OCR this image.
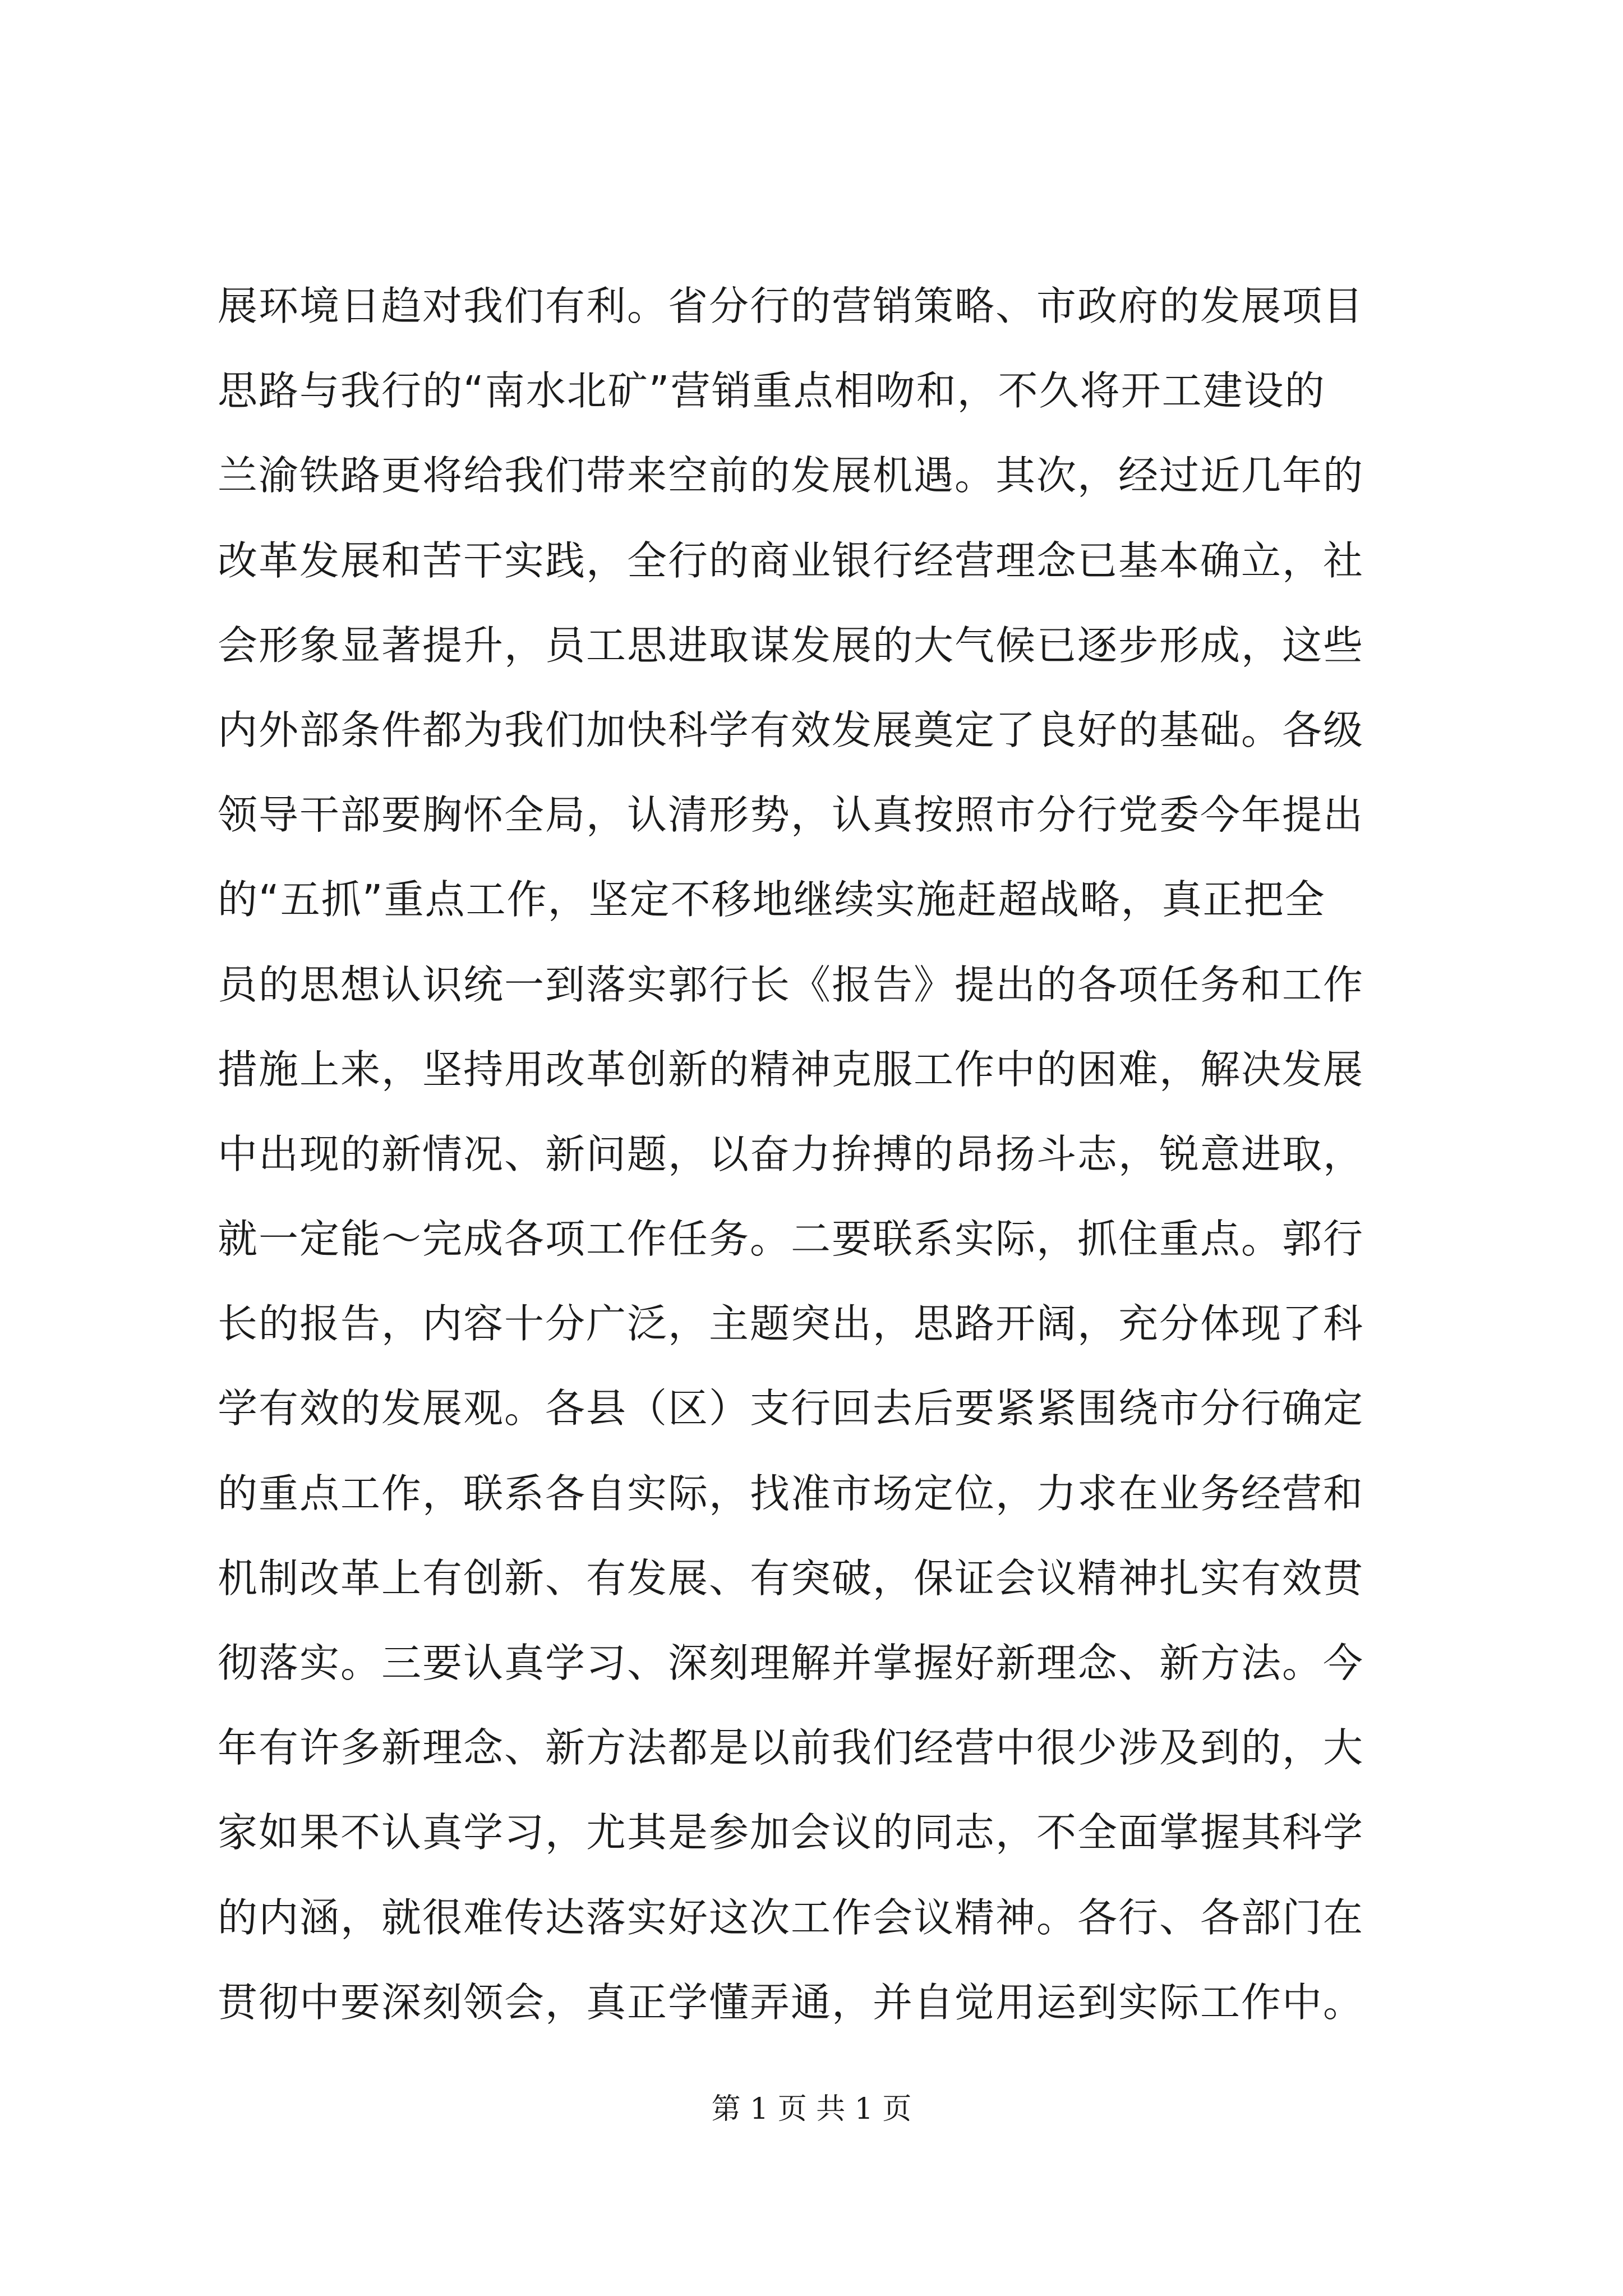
展环境日趋对我们有利。省分行的营销策略、市政府的发展项目
思路与我行的“南水北矿”营销重点相吻和，不久将开工建设的
兰渝铁路更将给我们带来空前的发展机遇。其次，经过近几年的
改革发展和苦干实践，全行的商业银行经营理念已基本确立，社
会形象显著提升，员工思进取谋发展的大气候已逐步形成，这些
内外部条件都为我们加快科学有效发展奠定了良好的基础。各级
领导干部要胸怀全局，认清形势，认真按照市分行党委今年提出
的“五抓”重点工作，坚定不移地继续实施赶超战略，真正把全
员的思想认识统一到落实郭行长《报告》提出的各项任务和工作
措施上来，坚持用改革创新的精神克服工作中的困难，解决发展
中出现的新情况、新问题，以奋力拚搏的昂扬斗志，锐意进取，
就一定能～完成各项工作任务。二要联系实际，抓住重点。郭行
长的报告，内容十分广泛，主题突出，思路开阔，充分体现了科
学有效的发展观。各县（区）支行回去后要紧紧围绕市分行确定
的重点工作，联系各自实际，找准市场定位，力求在业务经营和
机制改革上有创新、有发展、有突破，保证会议精神扎实有效贯
彻落实。三要认真学习、深刻理解并掌握好新理念、新方法。今
年有许多新理念、新方法都是以前我们经营中很少涉及到的，大
家如果不认真学习，尤其是参加会议的同志，不全面掌握其科学
的内涵，就很难传达落实好这次工作会议精神。各行、各部门在
贯彻中要深刻领会，真正学懂弄通，并自觉用运到实际工作中。
第 1 页 共 1 页
